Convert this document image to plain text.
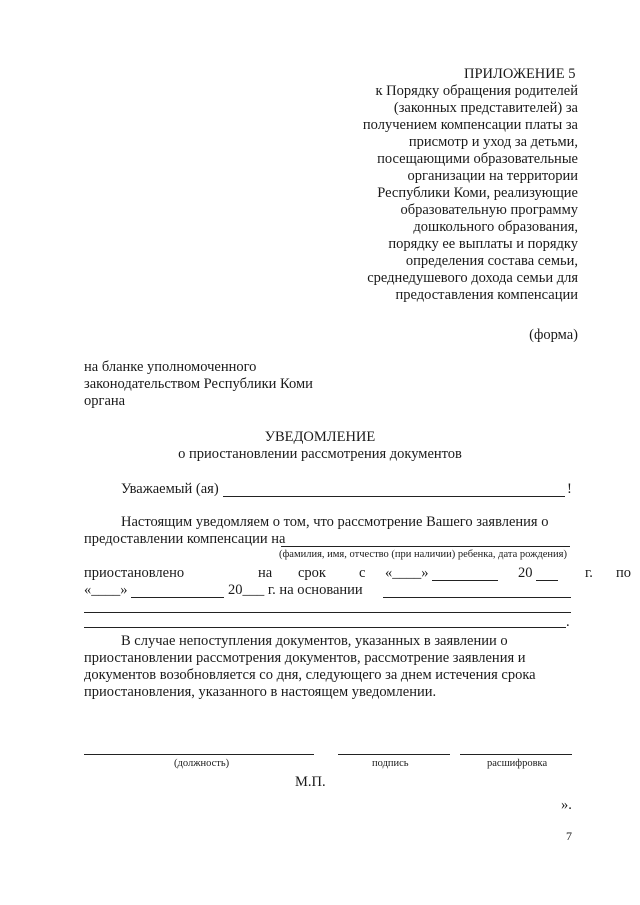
ПРИЛОЖЕНИЕ 5
к Порядку обращения родителей
(законных представителей) за
получением компенсации платы за
присмотр и уход за детьми,
посещающими образовательные
организации на территории
Республики Коми, реализующие
образовательную программу
дошкольного образования,
порядку ее выплаты и порядку
определения состава семьи,
среднедушевого дохода семьи для
предоставления компенсации
(форма)
на бланке уполномоченного
законодательством Республики Коми
органа
УВЕДОМЛЕНИЕ
о приостановлении рассмотрения документов
Уважаемый (ая)	!
Настоящим уведомляем о том, что рассмотрение Вашего заявления о
предоставлении компенсации на
(фамилия, имя, отчество (при наличии) ребенка, дата рождения)
приостановлено	на срок с «____»	20	г. по
«____»	20___ г. на основании
.
В случае непоступления документов, указанных в заявлении о
приостановлении рассмотрения документов, рассмотрение заявления и
документов возобновляется со дня, следующего за днем истечения срока
приостановления, указанного в настоящем уведомлении.
(должность)	подпись	расшифровка
М.П.
».
7
